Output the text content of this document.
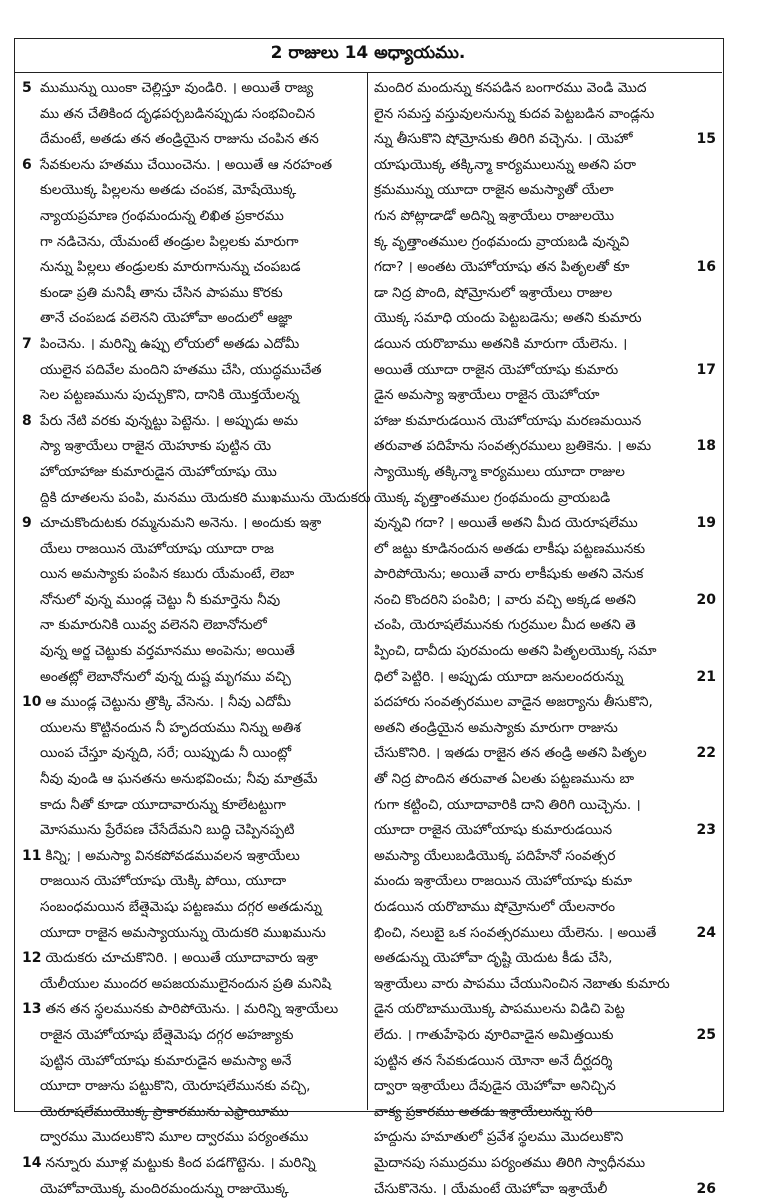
2 రాజులు 14 అధ్యాయము.
5 ముమున్ను యింకా చెల్లిస్తూ వుండిరి. । అయితే రాజ్య
ము తన చేతికింద దృఢపర్చబడినప్పుడు సంభవించిన
దేమంటే, అతడు తన తండ్రియైన రాజును చంపిన తన
6 సేవకులను హతము చేయించెను. । అయితే ఆ నరహంత
కులయొక్క పిల్లలను అతడు చంపక, మోషేయొక్క
న్యాయప్రమాణ గ్రంథమందున్న లిఖిత ప్రకారము
గా నడిచెను, యేమంటే తండ్రుల పిల్లలకు మారుగా
నున్ను పిల్లలు తండ్రులకు మారుగానున్ను చంపబడ
కుండా ప్రతి మనిషీ తాను చేసిన పాపము కొరకు
తానే చంపబడ వలెనని యెహోవా అందులో ఆజ్ఞా
7 పించెను. । మరిన్ని ఉప్పు లోయలో అతడు ఎదోమీ
యులైన పదివేల మందిని హతము చేసి, యుద్ధముచేత
సెల పట్టణమును పుచ్చుకొని, దానికి యొక్తయేలన్న
8 పేరు నేటి వరకు వున్నట్టు పెట్టెను. । అప్పుడు అమ
స్యా ఇశ్రాయేలు రాజైన యెహూకు పుట్టిన యె
హోయాహాజు కుమారుడైన యెహోయాషు యొ
ద్దికి దూతలను పంపి, మనము యెదుకరి ముఖమును యెదుకరు
9 చూచుకొందుటకు రమ్మనుమని అనెను. । అందుకు ఇశ్రా
యేలు రాజయిన యెహోయాషు యూదా రాజ
యిన అమస్యాకు పంపిన కబురు యేమంటే, లెబా
నోనులో వున్న ముండ్ల చెట్టు నీ కుమార్తెను నీవు
నా కుమారునికి యివ్వ వలెనని లెబానోనులో
వున్న అర్జ చెట్టుకు వర్తమానము అంపెను; అయితే
అంతట్లో లెబానోనులో వున్న దుష్ట మృగము వచ్చి
10 ఆ ముండ్ల చెట్టును త్రొక్కి వేసెను. । నీవు ఎదోమీ
యులను కొట్టినందున నీ హృదయము నిన్ను అతిశ
యింప చేస్తూ వున్నది, సరే; యిప్పుడు నీ యింట్లో
నీవు వుండి ఆ ఘనతను అనుభవించు; నీవు మాత్రమే
కాదు నీతో కూడా యూదావారున్ను కూలేటట్టుగా
మోసమును ప్రేరేపణ చేసేదేమని బుద్ధి చెప్పినప్పటి
11 కిన్ని; । అమస్యా వినకపోవడమువలన ఇశ్రాయేలు
రాజయిన యెహోయాషు యెక్కి పోయి, యూదా
సంబంధమయిన బేత్షెమెషు పట్టణము దగ్గర అతడున్ను
యూదా రాజైన అమస్యాయున్ను యెదుకరి ముఖమును
12 యెదుకరు చూచుకొనిరి. । అయితే యూదావారు ఇశ్రా
యేలీయుల ముందర అపజయములైనందున ప్రతి మనిషి
13 తన తన స్థలమునకు పారిపోయెను. । మరిన్ని ఇశ్రాయేలు
రాజైన యెహోయాషు బేత్షెమెషు దగ్గర అహజ్యాకు
పుట్టిన యెహోయాషు కుమారుడైన అమస్యా అనే
యూదా రాజును పట్టుకొని, యెరూషలేమునకు వచ్చి,
యెరూషలేముయొక్క ప్రాకారమును ఎఫ్రాయీము
ద్వారము మొదలుకొని మూల ద్వారము పర్యంతము
14 నన్నూరు మూళ్ల మట్టుకు కింద పడగొట్టెను. । మరిన్ని
యెహోవాయొక్క మందిరమందున్ను రాజుయొక్క
మందిర మందున్ను కనపడిన బంగారము వెండి మొద
లైన సమస్త వస్తువులనున్ను కుదవ పెట్టబడిన వాండ్లను
న్ను తీసుకొని షోమ్రోనుకు తిరిగి వచ్చెను. । యెహో	15
యాషుయొక్క తక్కిన్మా కార్యములున్ను అతని పరా
క్రమమున్ను యూదా రాజైన అమస్యాతో యేలా
గున పోట్లాడాడో అదిన్ని ఇశ్రాయేలు రాజులయొ
క్క వృత్తాంతముల గ్రంథమందు వ్రాయబడి వున్నవి
గదా? । అంతట యెహోయాషు తన పితృలతో కూ	16
డా నిద్ర పొంది, షోమ్రోనులో ఇశ్రాయేలు రాజుల
యొక్క సమాధి యందు పెట్టబడెను; అతని కుమారు
డయిన యరొబాము అతనికి మారుగా యేలెను. ।
అయితే యూదా రాజైన యెహోయాషు కుమారు	17
డైన అమస్యా ఇశ్రాయేలు రాజైన యెహోయా
హాజు కుమారుడయిన యెహోయాషు మరణమయిన
తరువాత పదిహేను సంవత్సరములు బ్రతికెను. । అమ	18
స్యాయొక్క తక్కిన్మా కార్యములు యూదా రాజుల
యొక్క వృత్తాంతముల గ్రంథమందు వ్రాయబడి
వున్నవి గదా? । అయితే అతని మీద యెరూషలేము	19
లో జట్టు కూడినందున అతడు లాకీషు పట్టణమునకు
పారిపోయెను; అయితే వారు లాకీషుకు అతని వెనుక
నంచి కొందరిని పంపిరి; । వారు వచ్చి అక్కడ అతని	20
చంపి, యెరూషలేమునకు గుర్రముల మీద అతని తె
ప్పించి, దావీదు పురమందు అతని పితృలయొక్క సమా
ధిలో పెట్టిరి. । అప్పుడు యూదా జనులందరున్ను	21
పదహారు సంవత్సరముల వాడైన అజర్యాను తీసుకొని,
అతని తండ్రియైన అమస్యాకు మారుగా రాజును
చేసుకొనిరి. । ఇతడు రాజైన తన తండ్రి అతని పితృల	22
తో నిద్ర పొందిన తరువాత ఏలతు పట్టణమును బా
గుగా కట్టించి, యూదావారికి దాని తిరిగి యిచ్చెను. ।
యూదా రాజైన యెహోయాషు కుమారుడయిన	23
అమస్యా యేలుబడియొక్క పదిహేనో సంవత్సర
మందు ఇశ్రాయేలు రాజయిన యెహోయాషు కుమా
రుడయిన యరొబాము షోమ్రోనులో యేలనారం
భించి, నలుబై ఒక సంవత్సరములు యేలెను. । అయితే	24
అతడున్ను యెహోవా దృష్టి యెదుట కీడు చేసి,
ఇశ్రాయేలు వారు పాపము చేయునించిన నెబాతు కుమారు
డైన యరొబాముయొక్క పాపములను విడిచి పెట్ట
లేదు. । గాతుహేఫెరు వూరివాడైన అమిత్తయికు	25
పుట్టిన తన సేవకుడయిన యోనా అనే దీర్ఘదర్శి
ద్వారా ఇశ్రాయేలు దేవుడైన యెహోవా అనిచ్చిన
వాక్య ప్రకారము అతడు ఇశ్రాయేలున్ను సరి
హద్దును హమాతులో ప్రవేశ స్థలము మొదలుకొని
మైదానపు సముద్రము పర్యంతము తిరిగి స్వాధీనము
చేసుకొనెను. । యేమంటే యెహోవా ఇశ్రాయేలీ	26
